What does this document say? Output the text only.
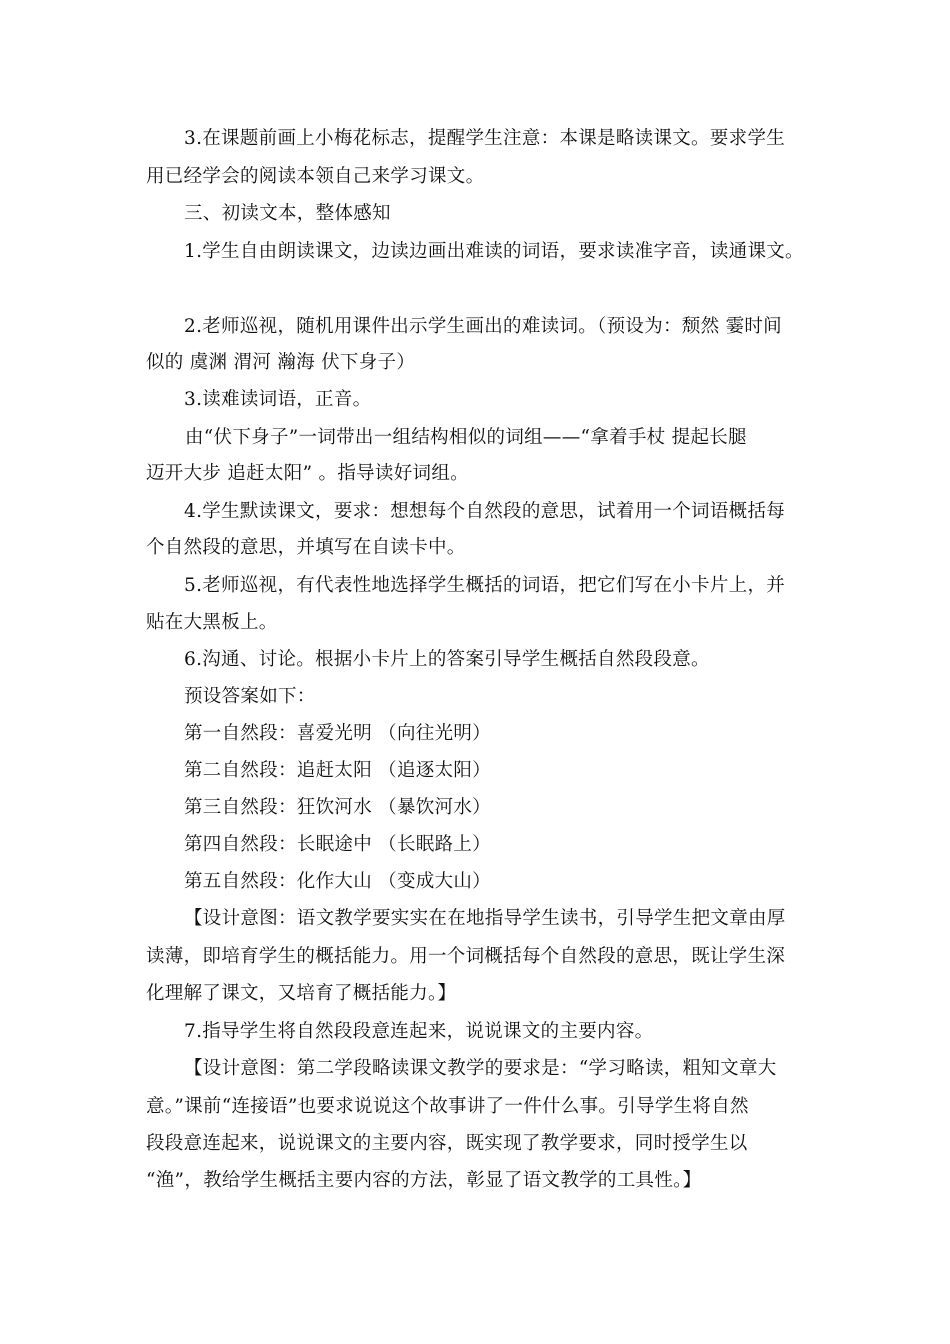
3.在课题前画上小梅花标志，提醒学生注意：本课是略读课文。要求学生

用已经学会的阅读本领自己来学习课文。

三、初读文本，整体感知

1.学生自由朗读课文，边读边画出难读的词语，要求读准字音，读通课文。

2.老师巡视，随机用课件出示学生画出的难读词。（预设为：颓然 霎时间

似的 虞渊 渭河 瀚海 伏下身子）

3.读难读词语，正音。

由“伏下身子”一词带出一组结构相似的词组——“拿着手杖 提起长腿

迈开大步 追赶太阳” 。指导读好词组。

4.学生默读课文，要求：想想每个自然段的意思，试着用一个词语概括每

个自然段的意思，并填写在自读卡中。

5.老师巡视，有代表性地选择学生概括的词语，把它们写在小卡片上，并

贴在大黑板上。

6.沟通、讨论。根据小卡片上的答案引导学生概括自然段段意。

预设答案如下：

第一自然段：喜爱光明 （向往光明）

第二自然段：追赶太阳 （追逐太阳）

第三自然段：狂饮河水 （暴饮河水）

第四自然段：长眠途中 （长眠路上）

第五自然段：化作大山 （变成大山）

【设计意图：语文教学要实实在在地指导学生读书，引导学生把文章由厚

读薄，即培育学生的概括能力。用一个词概括每个自然段的意思，既让学生深

化理解了课文，又培育了概括能力。】

7.指导学生将自然段段意连起来，说说课文的主要内容。

【设计意图：第二学段略读课文教学的要求是：“学习略读，粗知文章大

意。”课前“连接语”也要求说说这个故事讲了一件什么事。引导学生将自然

段段意连起来，说说课文的主要内容，既实现了教学要求，同时授学生以

“渔”，教给学生概括主要内容的方法，彰显了语文教学的工具性。】
